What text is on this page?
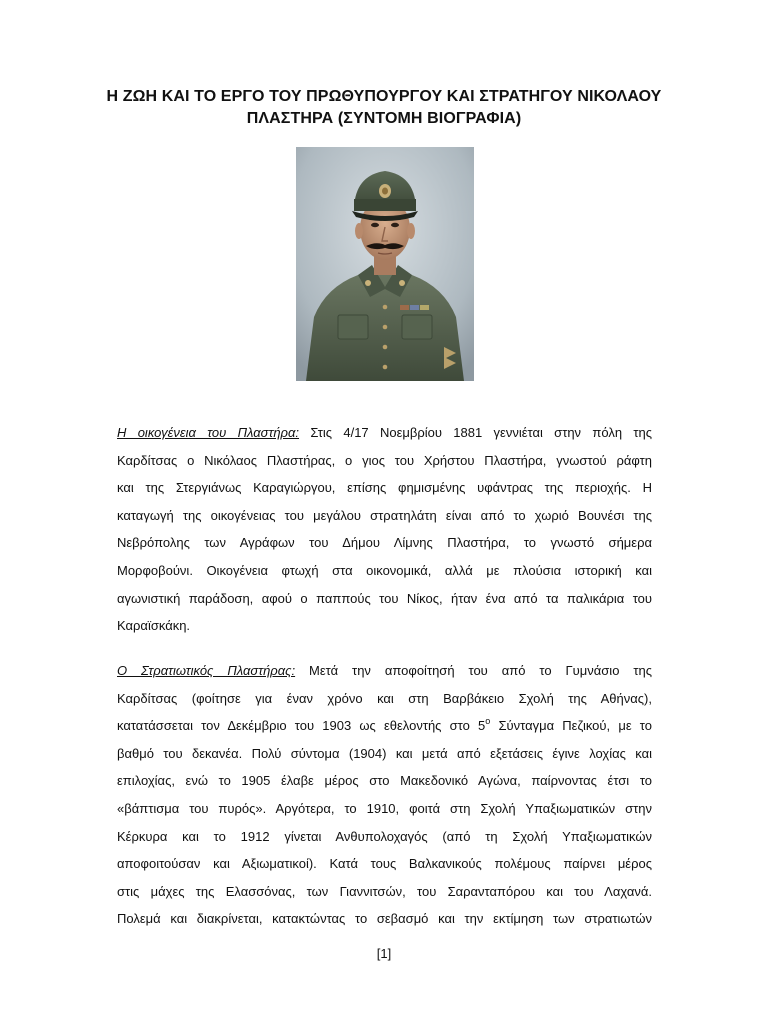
Η ΖΩΗ ΚΑΙ ΤΟ ΕΡΓΟ ΤΟΥ ΠΡΩΘΥΠΟΥΡΓΟΥ ΚΑΙ ΣΤΡΑΤΗΓΟΥ ΝΙΚΟΛΑΟΥ
ΠΛΑΣΤΗΡΑ (ΣΥΝΤΟΜΗ ΒΙΟΓΡΑΦΙΑ)
Η οικογένεια του Πλαστήρα: Στις 4/17 Νοεμβρίου 1881 γεννιέται στην πόλη της
Καρδίτσας ο Νικόλαος Πλαστήρας, ο γιος του Χρήστου Πλαστήρα, γνωστού ράφτη
και της Στεργιάνως Καραγιώργου, επίσης φημισμένης υφάντρας της περιοχής. Η
καταγωγή της οικογένειας του μεγάλου στρατηλάτη είναι από το χωριό Βουνέσι της
Νεβρόπολης των Αγράφων του Δήμου Λίμνης Πλαστήρα, το γνωστό σήμερα
Μορφοβούνι. Οικογένεια φτωχή στα οικονομικά, αλλά με πλούσια ιστορική και
αγωνιστική παράδοση, αφού ο παππούς του Νίκος, ήταν ένα από τα παλικάρια του
Καραϊσκάκη.
Ο Στρατιωτικός Πλαστήρας: Μετά την αποφοίτησή του από το Γυμνάσιο της
Καρδίτσας (φοίτησε για έναν χρόνο και στη Βαρβάκειο Σχολή της Αθήνας),
κατατάσσεται τον Δεκέμβριο του 1903 ως εθελοντής στο $5^o$ Σύνταγμα Πεζικού, με το
βαθμό του δεκανέα. Πολύ σύντομα (1904) και μετά από εξετάσεις έγινε λοχίας και
επιλοχίας, ενώ το 1905 έλαβε μέρος στο Μακεδονικό Αγώνα, παίρνοντας έτσι το
«βάπτισμα του πυρός». Αργότερα, το 1910, φοιτά στη Σχολή Υπαξιωματικών στην
Κέρκυρα και το 1912 γίνεται Ανθυπολοχαγός (από τη Σχολή Υπαξιωματικών
αποφοιτούσαν και Αξιωματικοί). Κατά τους Βαλκανικούς πολέμους παίρνει μέρος
στις μάχες της Ελασσόνας, των Γιαννιτσών, του Σαρανταπόρου και του Λαχανά.
Πολεμά και διακρίνεται, κατακτώντας το σεβασμό και την εκτίμηση των στρατιωτών
[1]
